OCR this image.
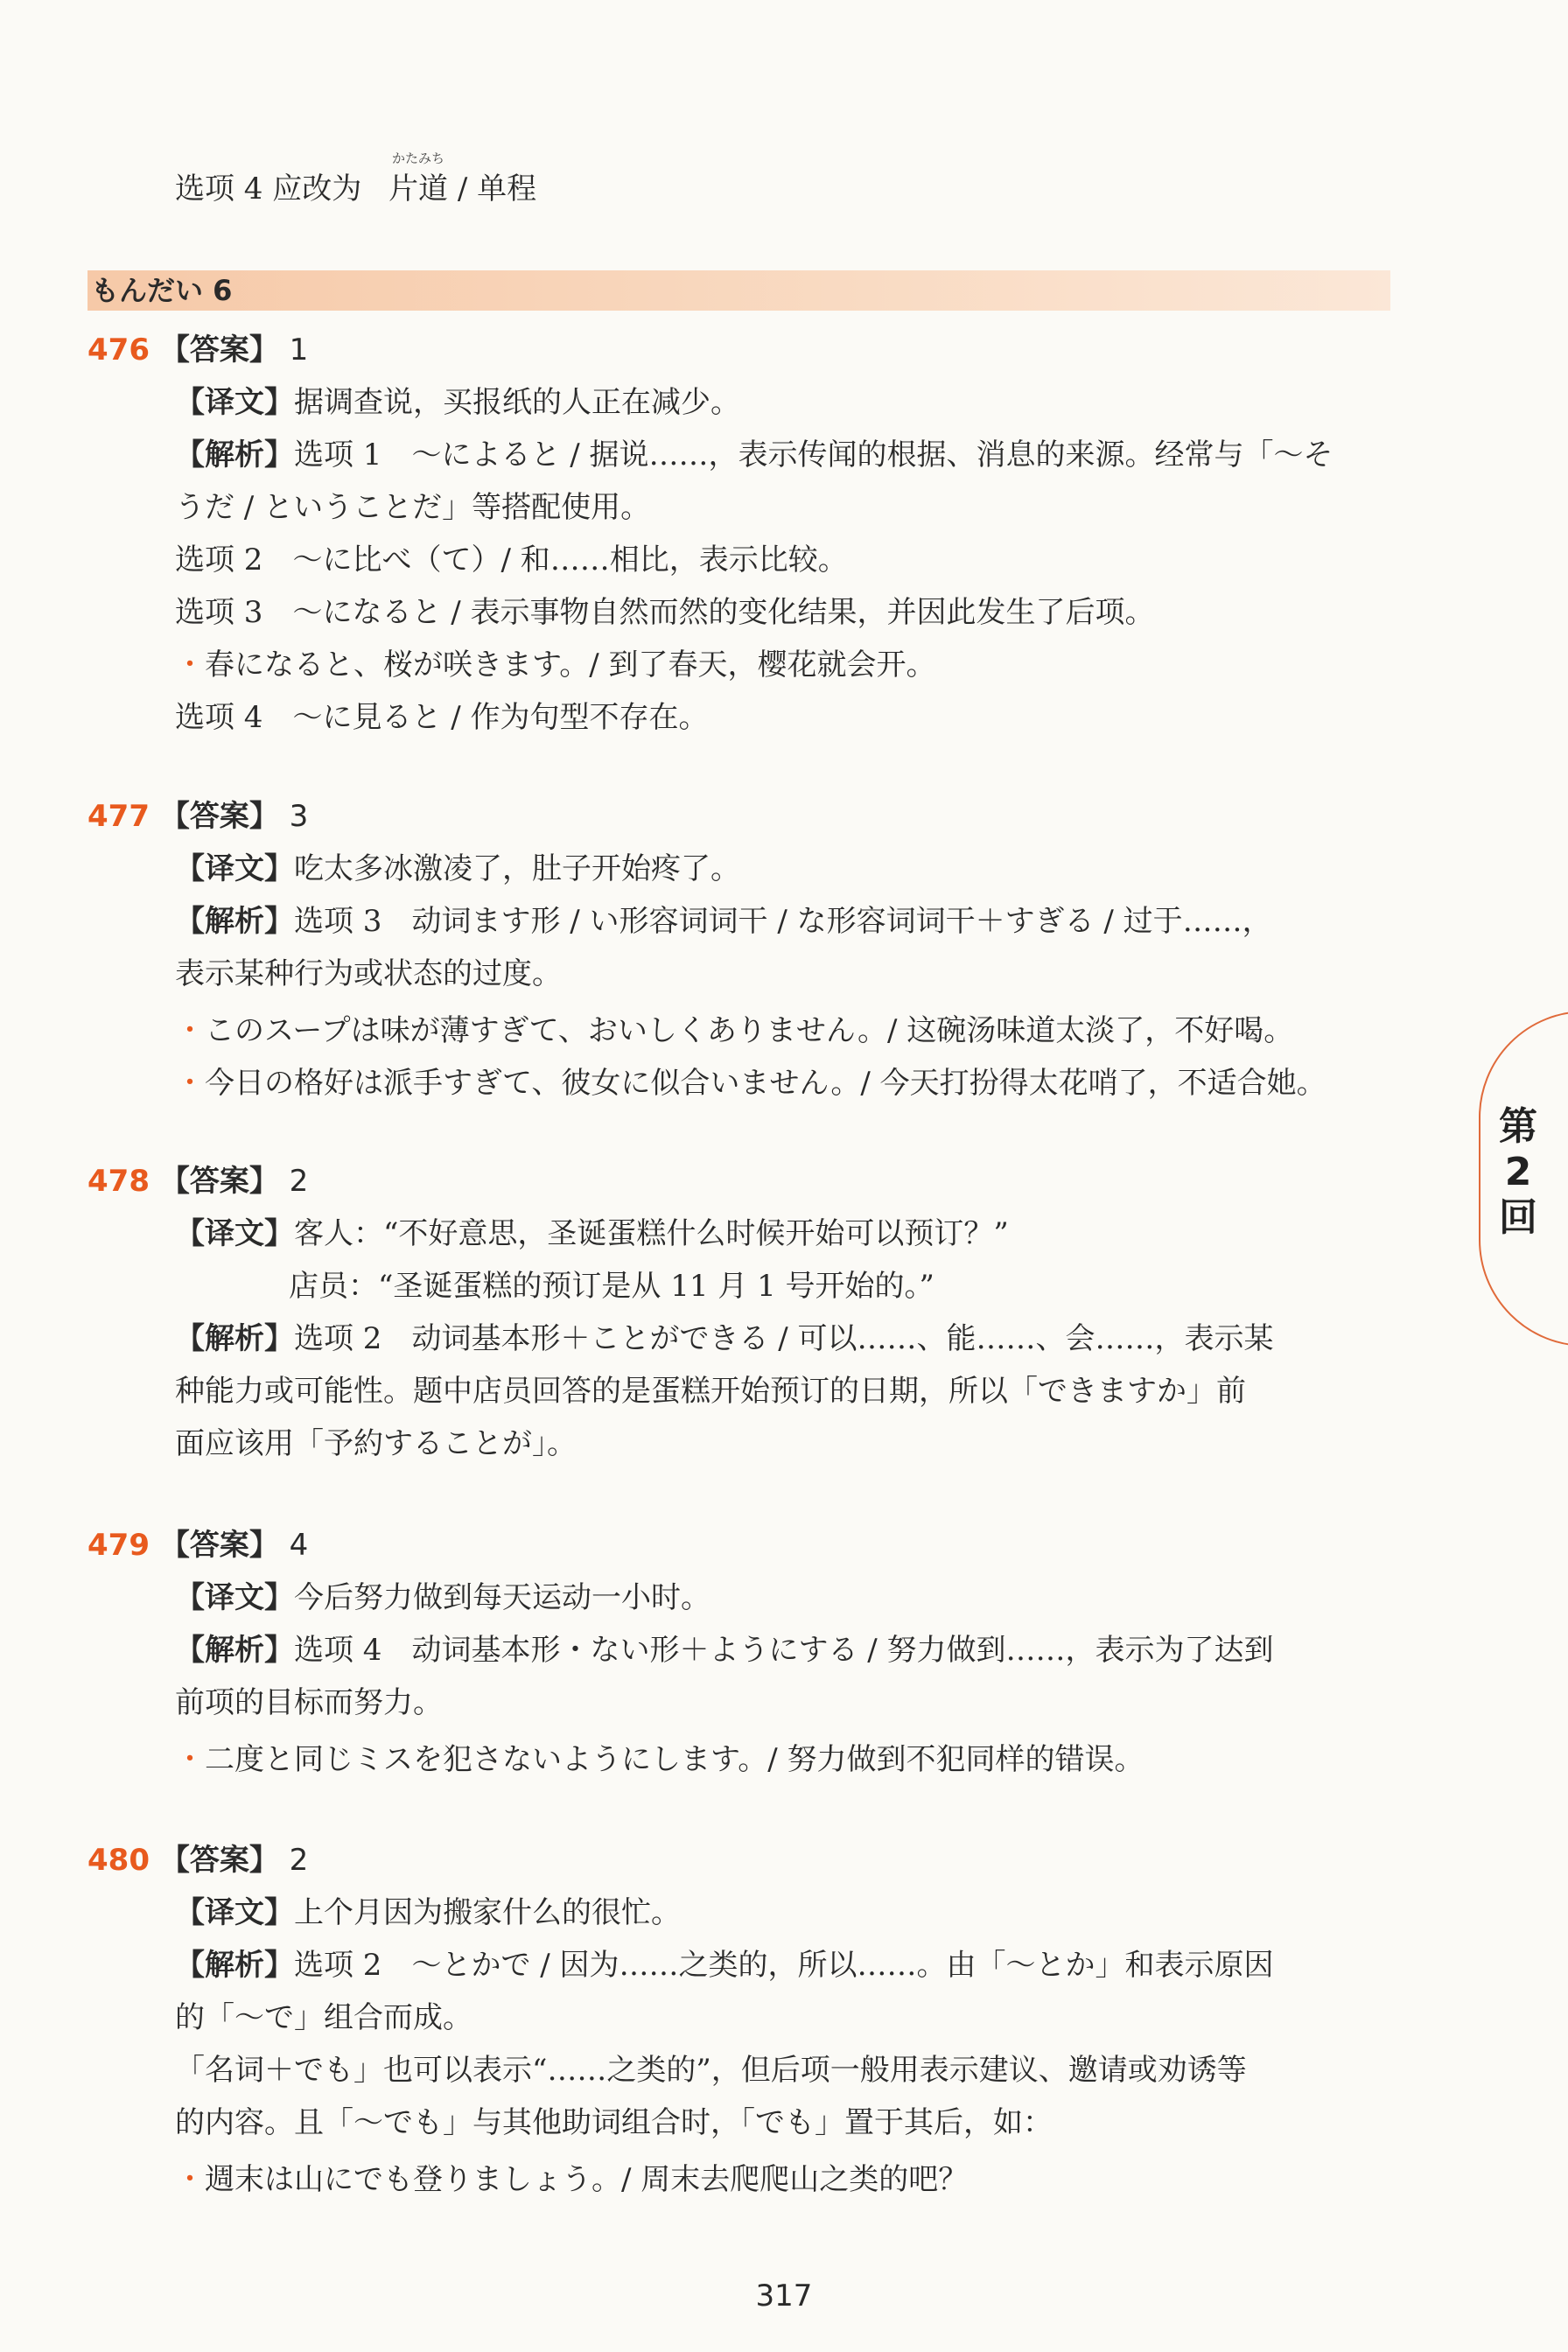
选项 4 应改为
かたみち
片道 / 单程
もんだい 6
476 【答案】 1
【译文】据调查说，买报纸的人正在减少。
【解析】选项 1　～によると / 据说……，表示传闻的根据、消息的来源。经常与「～そ
うだ / ということだ」等搭配使用。
选项 2　～に比べ（て）/ 和……相比，表示比较。
选项 3　～になると / 表示事物自然而然的变化结果，并因此发生了后项。
・春になると、桜が咲きます。/ 到了春天，樱花就会开。
选项 4　～に見ると / 作为句型不存在。
477 【答案】 3
【译文】吃太多冰激凌了，肚子开始疼了。
【解析】选项 3　动词ます形 / い形容词词干 / な形容词词干＋すぎる / 过于……，
表示某种行为或状态的过度。
・このスープは味が薄すぎて、おいしくありません。/ 这碗汤味道太淡了，不好喝。
・今日の格好は派手すぎて、彼女に似合いません。/ 今天打扮得太花哨了，不适合她。
478 【答案】 2
【译文】客人：“不好意思，圣诞蛋糕什么时候开始可以预订？”
店员：“圣诞蛋糕的预订是从 11 月 1 号开始的。”
【解析】选项 2　动词基本形＋ことができる / 可以……、能……、会……，表示某
种能力或可能性。题中店员回答的是蛋糕开始预订的日期，所以「できますか」前
面应该用「予約することが」。
479 【答案】 4
【译文】今后努力做到每天运动一小时。
【解析】选项 4　动词基本形・ない形＋ようにする / 努力做到……，表示为了达到
前项的目标而努力。
・二度と同じミスを犯さないようにします。/ 努力做到不犯同样的错误。
480 【答案】 2
【译文】上个月因为搬家什么的很忙。
【解析】选项 2　～とかで / 因为……之类的，所以……。由「～とか」和表示原因
的「～で」组合而成。
「名词＋でも」也可以表示“……之类的”，但后项一般用表示建议、邀请或劝诱等
的内容。且「～でも」与其他助词组合时，「でも」置于其后，如：
・週末は山にでも登りましょう。/ 周末去爬爬山之类的吧？
第
2
回
317
